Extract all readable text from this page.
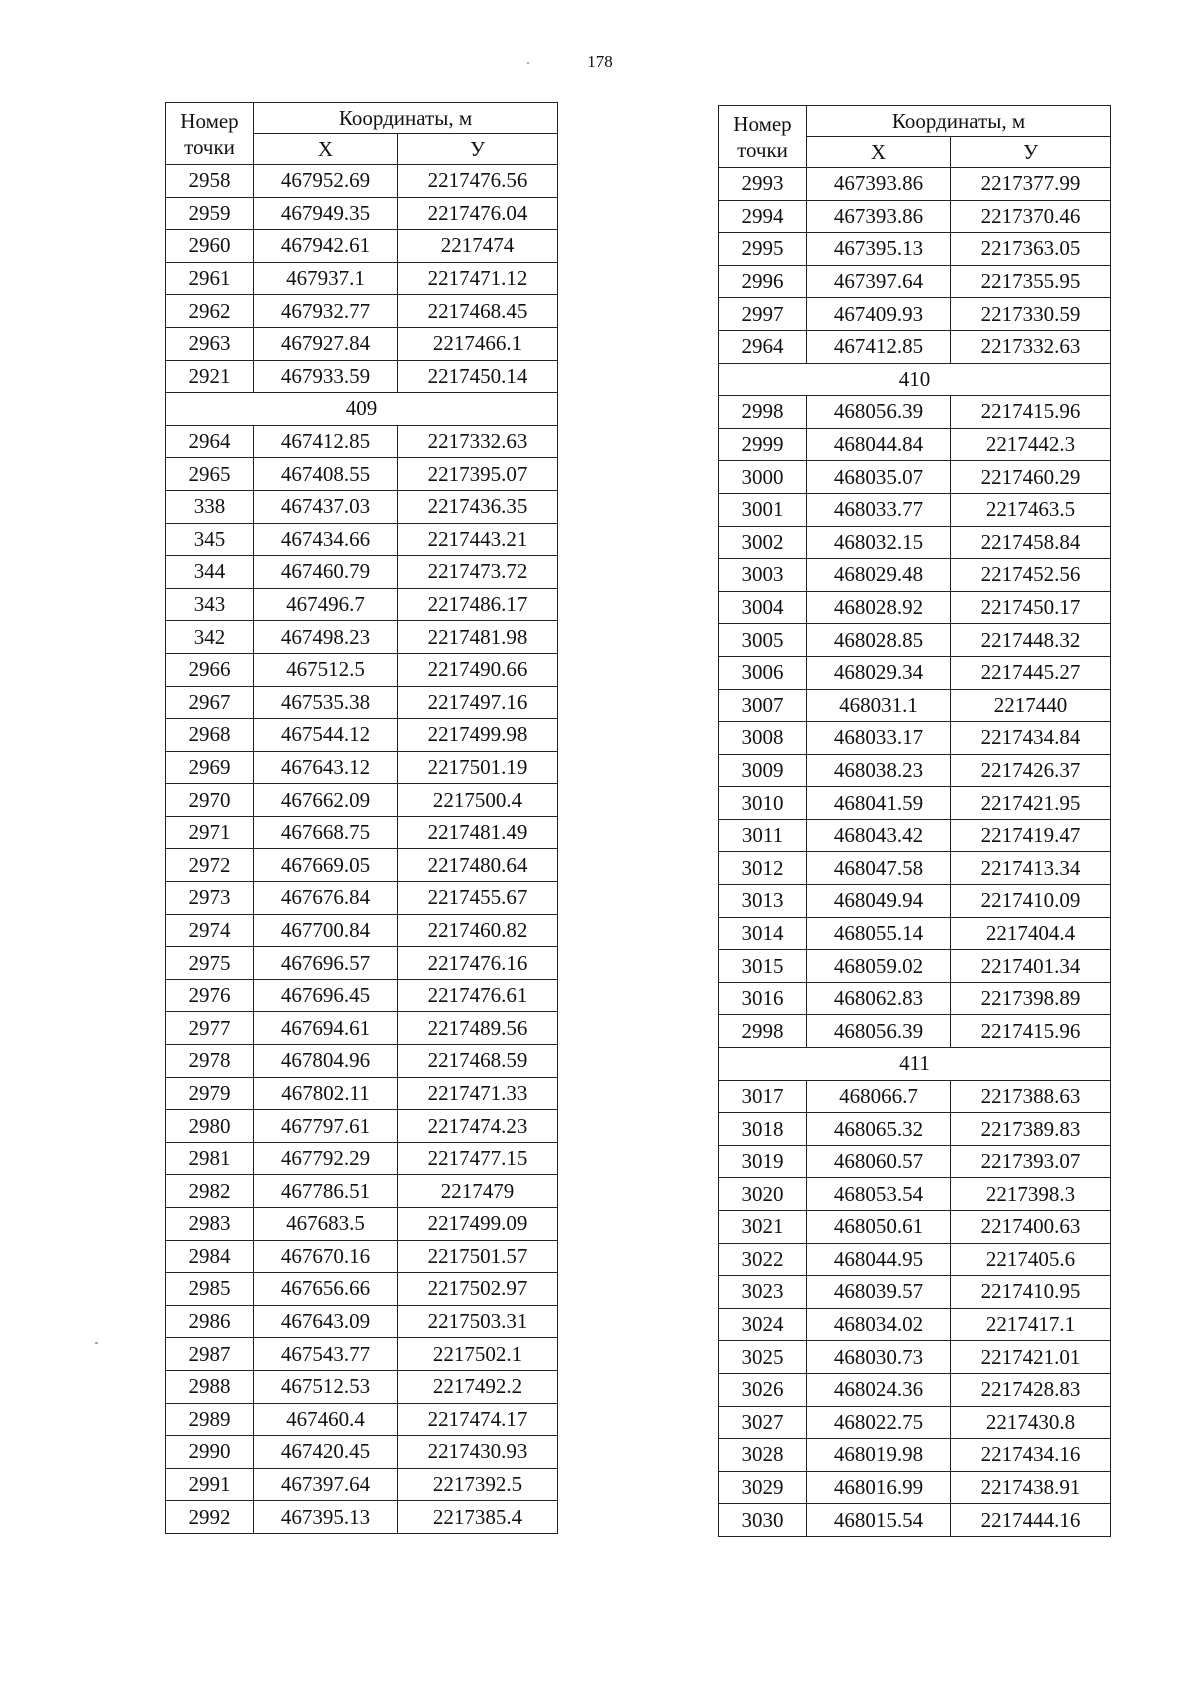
178
Номер точки	Координаты, м	
	X	У
2958	467952.69	2217476.56
2959	467949.35	2217476.04
2960	467942.61	2217474
2961	467937.1	2217471.12
2962	467932.77	2217468.45
2963	467927.84	2217466.1
2921	467933.59	2217450.14
409		
2964	467412.85	2217332.63
2965	467408.55	2217395.07
338	467437.03	2217436.35
345	467434.66	2217443.21
344	467460.79	2217473.72
343	467496.7	2217486.17
342	467498.23	2217481.98
2966	467512.5	2217490.66
2967	467535.38	2217497.16
2968	467544.12	2217499.98
2969	467643.12	2217501.19
2970	467662.09	2217500.4
2971	467668.75	2217481.49
2972	467669.05	2217480.64
2973	467676.84	2217455.67
2974	467700.84	2217460.82
2975	467696.57	2217476.16
2976	467696.45	2217476.61
2977	467694.61	2217489.56
2978	467804.96	2217468.59
2979	467802.11	2217471.33
2980	467797.61	2217474.23
2981	467792.29	2217477.15
2982	467786.51	2217479
2983	467683.5	2217499.09
2984	467670.16	2217501.57
2985	467656.66	2217502.97
2986	467643.09	2217503.31
2987	467543.77	2217502.1
2988	467512.53	2217492.2
2989	467460.4	2217474.17
2990	467420.45	2217430.93
2991	467397.64	2217392.5
2992	467395.13	2217385.4
Номер точки	Координаты, м	
	X	У
2993	467393.86	2217377.99
2994	467393.86	2217370.46
2995	467395.13	2217363.05
2996	467397.64	2217355.95
2997	467409.93	2217330.59
2964	467412.85	2217332.63
410		
2998	468056.39	2217415.96
2999	468044.84	2217442.3
3000	468035.07	2217460.29
3001	468033.77	2217463.5
3002	468032.15	2217458.84
3003	468029.48	2217452.56
3004	468028.92	2217450.17
3005	468028.85	2217448.32
3006	468029.34	2217445.27
3007	468031.1	2217440
3008	468033.17	2217434.84
3009	468038.23	2217426.37
3010	468041.59	2217421.95
3011	468043.42	2217419.47
3012	468047.58	2217413.34
3013	468049.94	2217410.09
3014	468055.14	2217404.4
3015	468059.02	2217401.34
3016	468062.83	2217398.89
2998	468056.39	2217415.96
411		
3017	468066.7	2217388.63
3018	468065.32	2217389.83
3019	468060.57	2217393.07
3020	468053.54	2217398.3
3021	468050.61	2217400.63
3022	468044.95	2217405.6
3023	468039.57	2217410.95
3024	468034.02	2217417.1
3025	468030.73	2217421.01
3026	468024.36	2217428.83
3027	468022.75	2217430.8
3028	468019.98	2217434.16
3029	468016.99	2217438.91
3030	468015.54	2217444.16
